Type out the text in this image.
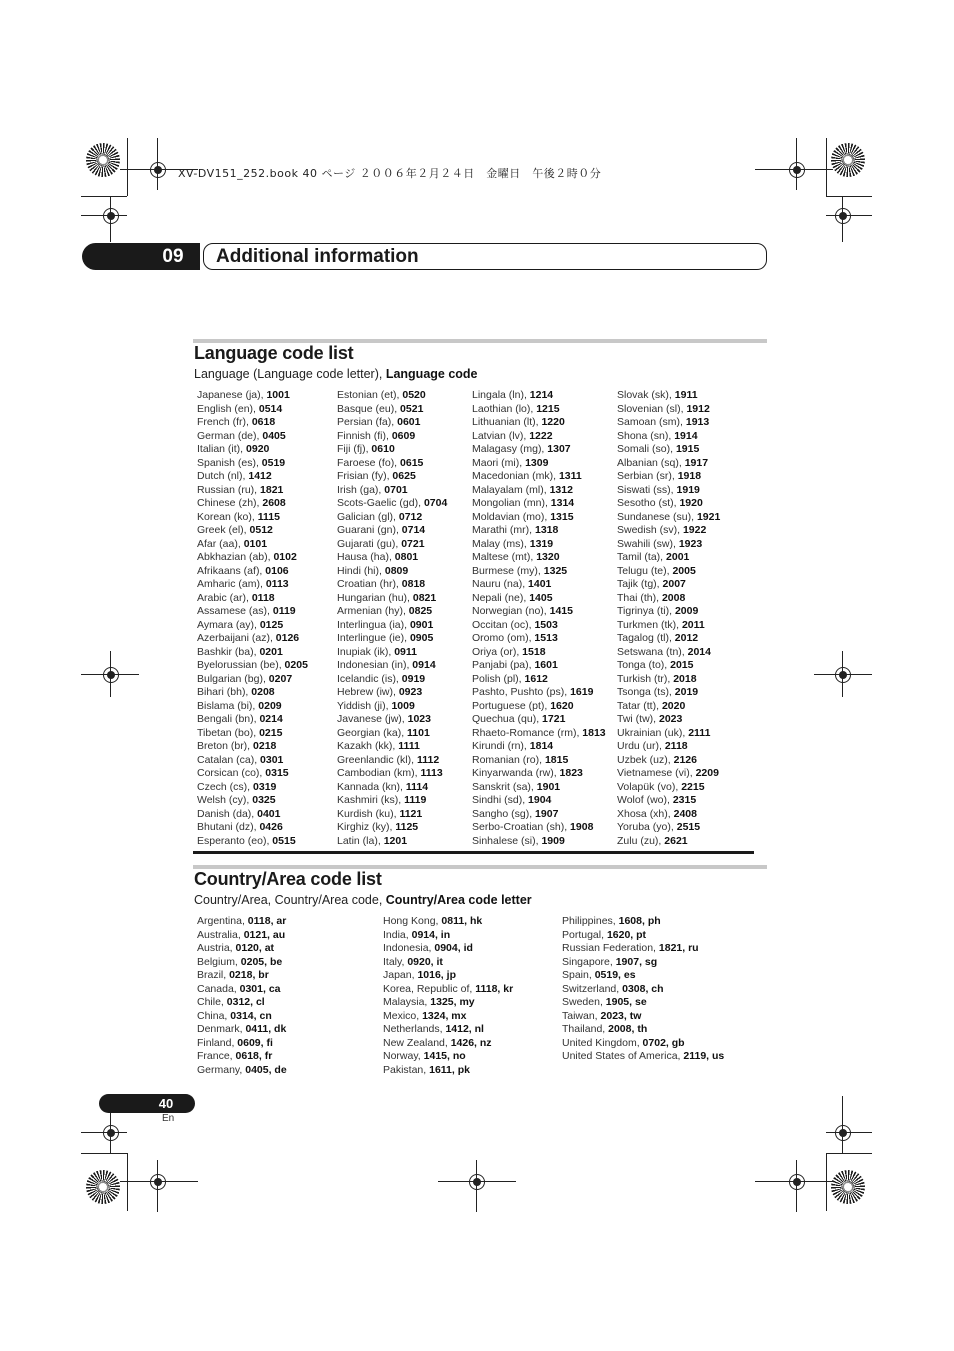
XV-DV151_252.book 40 ページ ２００６年２月２４日　金曜日　午後２時０分
09	Additional information
Language code list
Language (Language code letter), Language code
Japanese (ja), 1001
English (en), 0514
French (fr), 0618
German (de), 0405
Italian (it), 0920
Spanish (es), 0519
Dutch (nl), 1412
Russian (ru), 1821
Chinese (zh), 2608
Korean (ko), 1115
Greek (el), 0512
Afar (aa), 0101
Abkhazian (ab), 0102
Afrikaans (af), 0106
Amharic (am), 0113
Arabic (ar), 0118
Assamese (as), 0119
Aymara (ay), 0125
Azerbaijani (az), 0126
Bashkir (ba), 0201
Byelorussian (be), 0205
Bulgarian (bg), 0207
Bihari (bh), 0208
Bislama (bi), 0209
Bengali (bn), 0214
Tibetan (bo), 0215
Breton (br), 0218
Catalan (ca), 0301
Corsican (co), 0315
Czech (cs), 0319
Welsh (cy), 0325
Danish (da), 0401
Bhutani (dz), 0426
Esperanto (eo), 0515
Estonian (et), 0520
Basque (eu), 0521
Persian (fa), 0601
Finnish (fi), 0609
Fiji (fj), 0610
Faroese (fo), 0615
Frisian (fy), 0625
Irish (ga), 0701
Scots-Gaelic (gd), 0704
Galician (gl), 0712
Guarani (gn), 0714
Gujarati (gu), 0721
Hausa (ha), 0801
Hindi (hi), 0809
Croatian (hr), 0818
Hungarian (hu), 0821
Armenian (hy), 0825
Interlingua (ia), 0901
Interlingue (ie), 0905
Inupiak (ik), 0911
Indonesian (in), 0914
Icelandic (is), 0919
Hebrew (iw), 0923
Yiddish (ji), 1009
Javanese (jw), 1023
Georgian (ka), 1101
Kazakh (kk), 1111
Greenlandic (kl), 1112
Cambodian (km), 1113
Kannada (kn), 1114
Kashmiri (ks), 1119
Kurdish (ku), 1121
Kirghiz (ky), 1125
Latin (la), 1201
Lingala (ln), 1214
Laothian (lo), 1215
Lithuanian (lt), 1220
Latvian (lv), 1222
Malagasy (mg), 1307
Maori (mi), 1309
Macedonian (mk), 1311
Malayalam (ml), 1312
Mongolian (mn), 1314
Moldavian (mo), 1315
Marathi (mr), 1318
Malay (ms), 1319
Maltese (mt), 1320
Burmese (my), 1325
Nauru (na), 1401
Nepali (ne), 1405
Norwegian (no), 1415
Occitan (oc), 1503
Oromo (om), 1513
Oriya (or), 1518
Panjabi (pa), 1601
Polish (pl), 1612
Pashto, Pushto (ps), 1619
Portuguese (pt), 1620
Quechua (qu), 1721
Rhaeto-Romance (rm), 1813
Kirundi (rn), 1814
Romanian (ro), 1815
Kinyarwanda (rw), 1823
Sanskrit (sa), 1901
Sindhi (sd), 1904
Sangho (sg), 1907
Serbo-Croatian (sh), 1908
Sinhalese (si), 1909
Slovak (sk), 1911
Slovenian (sl), 1912
Samoan (sm), 1913
Shona (sn), 1914
Somali (so), 1915
Albanian (sq), 1917
Serbian (sr), 1918
Siswati (ss), 1919
Sesotho (st), 1920
Sundanese (su), 1921
Swedish (sv), 1922
Swahili (sw), 1923
Tamil (ta), 2001
Telugu (te), 2005
Tajik (tg), 2007
Thai (th), 2008
Tigrinya (ti), 2009
Turkmen (tk), 2011
Tagalog (tl), 2012
Setswana (tn), 2014
Tonga (to), 2015
Turkish (tr), 2018
Tsonga (ts), 2019
Tatar (tt), 2020
Twi (tw), 2023
Ukrainian (uk), 2111
Urdu (ur), 2118
Uzbek (uz), 2126
Vietnamese (vi), 2209
Volapük (vo), 2215
Wolof (wo), 2315
Xhosa (xh), 2408
Yoruba (yo), 2515
Zulu (zu), 2621
Country/Area code list
Country/Area, Country/Area code, Country/Area code letter
Argentina, 0118, ar
Australia, 0121, au
Austria, 0120, at
Belgium, 0205, be
Brazil, 0218, br
Canada, 0301, ca
Chile, 0312, cl
China, 0314, cn
Denmark, 0411, dk
Finland, 0609, fi
France, 0618, fr
Germany, 0405, de
Hong Kong, 0811, hk
India, 0914, in
Indonesia, 0904, id
Italy, 0920, it
Japan, 1016, jp
Korea, Republic of, 1118, kr
Malaysia, 1325, my
Mexico, 1324, mx
Netherlands, 1412, nl
New Zealand, 1426, nz
Norway, 1415, no
Pakistan, 1611, pk
Philippines, 1608, ph
Portugal, 1620, pt
Russian Federation, 1821, ru
Singapore, 1907, sg
Spain, 0519, es
Switzerland, 0308, ch
Sweden, 1905, se
Taiwan, 2023, tw
Thailand, 2008, th
United Kingdom, 0702, gb
United States of America, 2119, us
40
En
